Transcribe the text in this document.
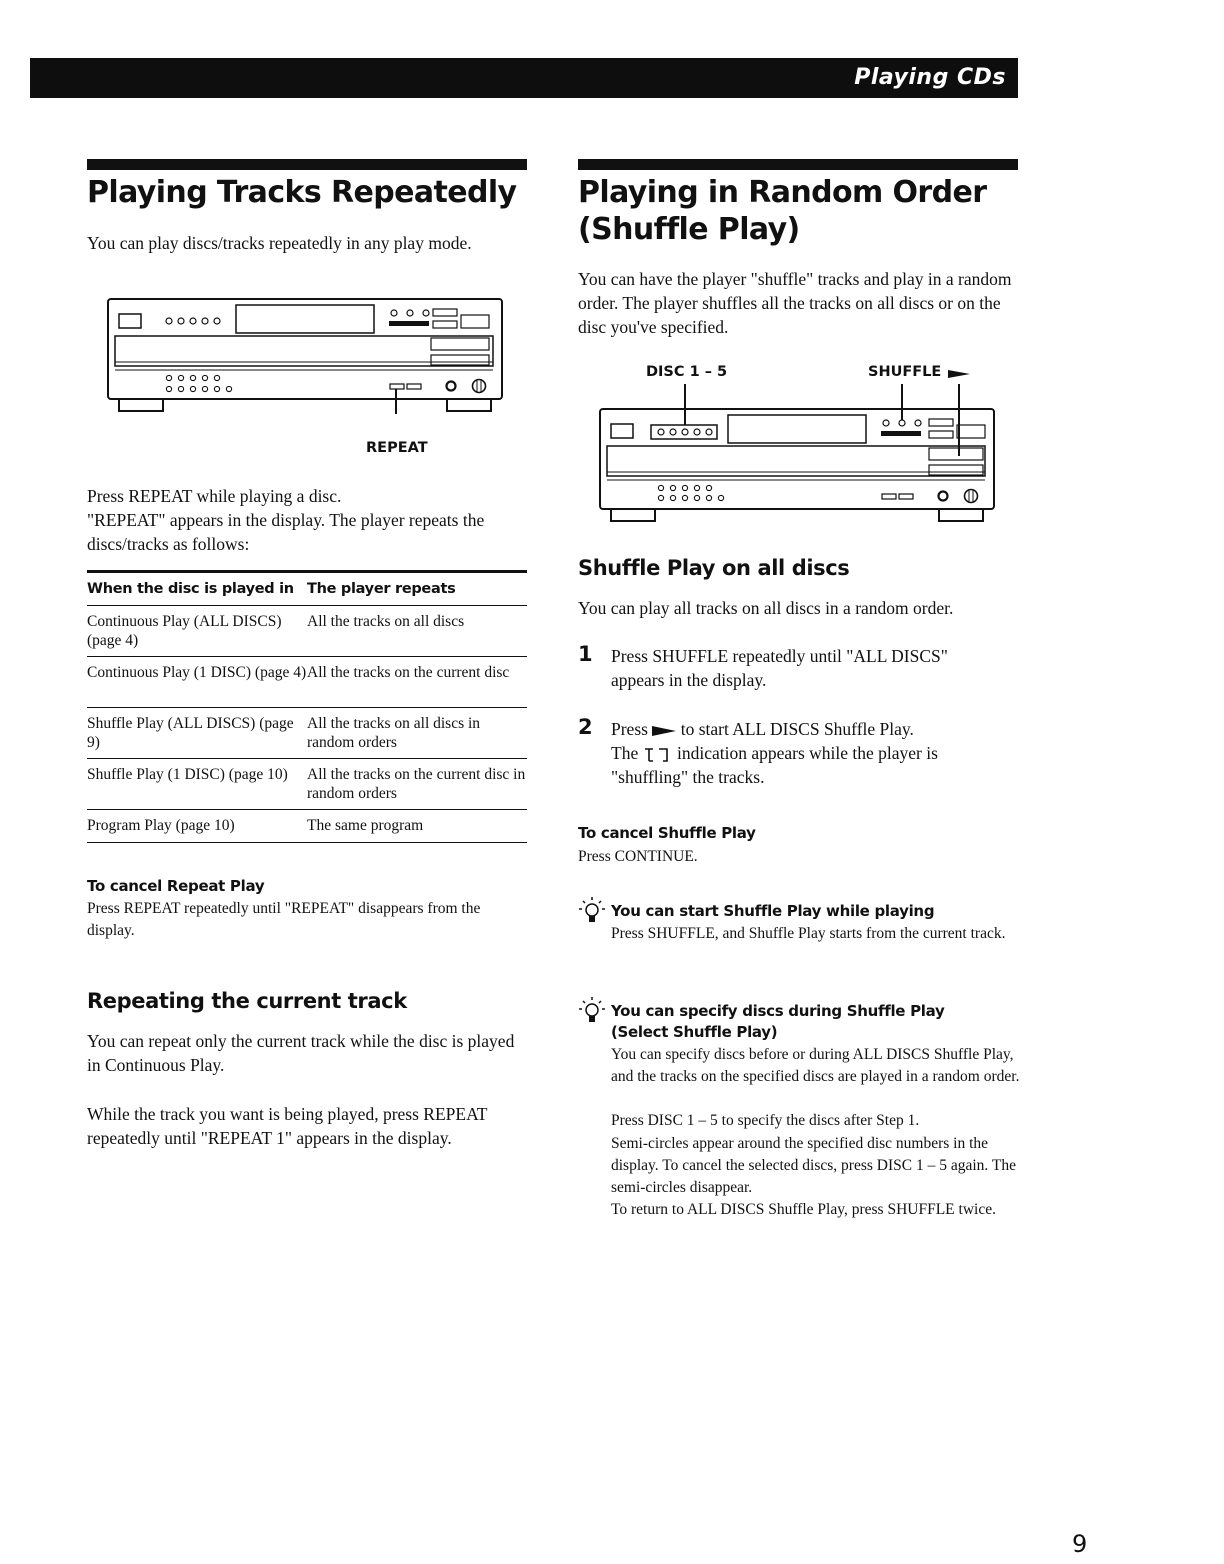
Playing CDs
Playing Tracks Repeatedly

You can play discs/tracks repeatedly in any play mode.

REPEAT

Press REPEAT while playing a disc.

"REPEAT" appears in the display. The player repeats the discs/tracks as follows:

When the disc is played in	The player repeats
Continuous Play (ALL DISCS) (page 4)	All the tracks on all discs
Continuous Play (1 DISC) (page 4)	All the tracks on the current disc
Shuffle Play (ALL DISCS) (page 9)	All the tracks on all discs in random orders
Shuffle Play (1 DISC) (page 10)	All the tracks on the current disc in random orders
Program Play (page 10)	The same program
To cancel Repeat Play

Press REPEAT repeatedly until "REPEAT" disappears from the display.

Repeating the current track

You can repeat only the current track while the disc is played in Continuous Play.

While the track you want is being played, press REPEAT repeatedly until "REPEAT 1" appears in the display.

Playing in Random Order
(Shuffle Play)

You can have the player "shuffle" tracks and play in a random order. The player shuffles all the tracks on all discs or on the disc you've specified.

DISC 1 – 5	SHUFFLE
Shuffle Play on all discs

You can play all tracks on all discs in a random order.

1 Press SHUFFLE repeatedly until "ALL DISCS"

appears in the display.

2 Press to start ALL DISCS Shuffle Play.
The indication appears while the player is

"shuffling" the tracks.

To cancel Shuffle Play

Press CONTINUE.

You can start Shuffle Play while playing

Press SHUFFLE, and Shuffle Play starts from the current track.

You can specify discs during Shuffle Play
(Select Shuffle Play)

You can specify discs before or during ALL DISCS Shuffle Play, and the tracks on the specified discs are played in a random order.

Press DISC 1 – 5 to specify the discs after Step 1.

Semi-circles appear around the specified disc numbers in the display. To cancel the selected discs, press DISC 1 – 5 again. The semi-circles disappear.

To return to ALL DISCS Shuffle Play, press SHUFFLE twice.

9
